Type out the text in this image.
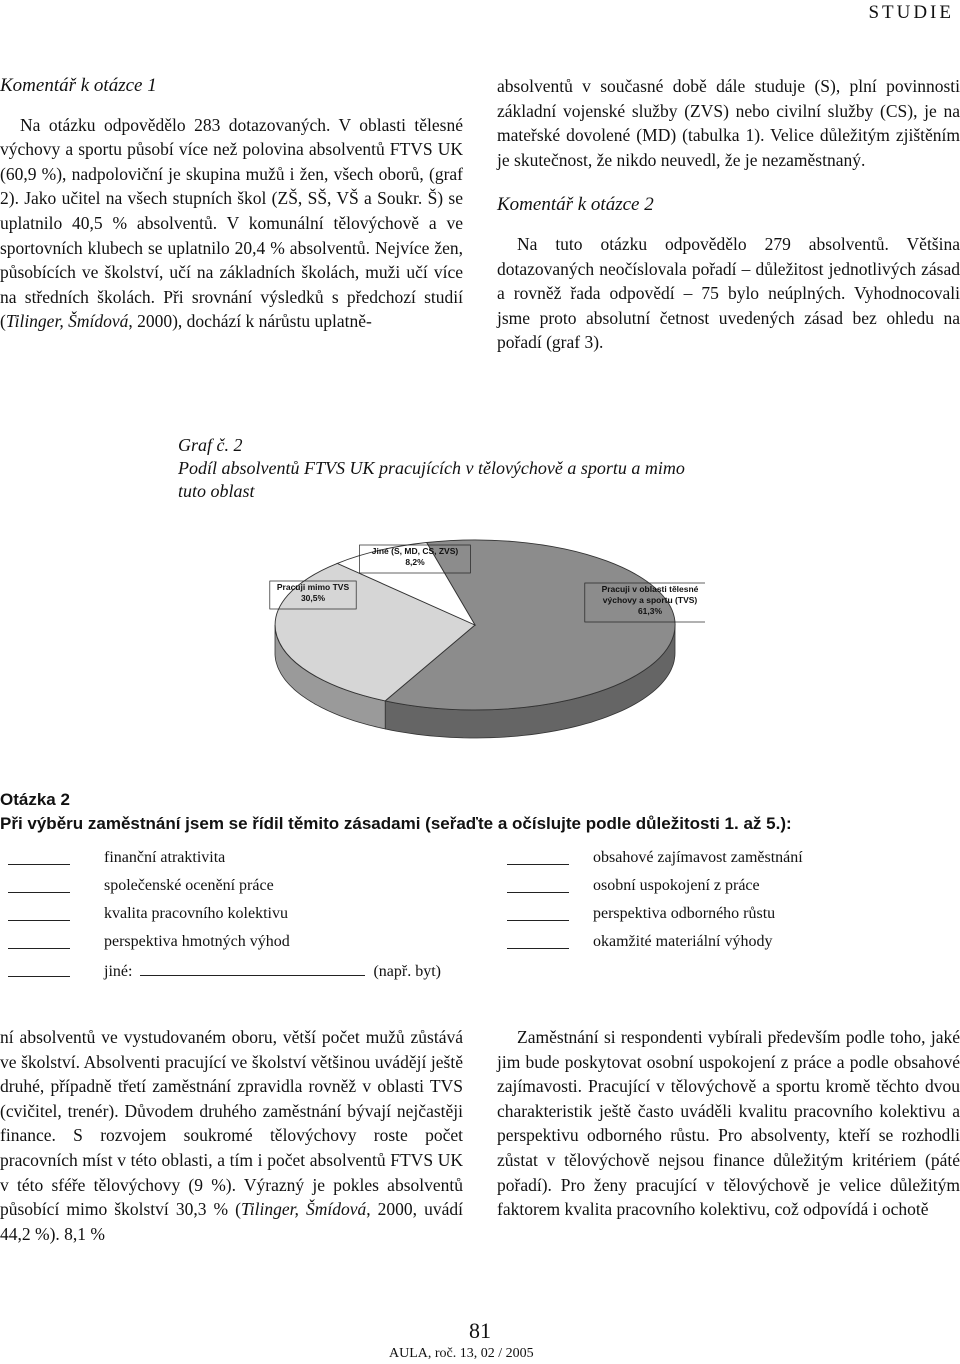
STUDIE
Komentář k otázce 1

Na otázku odpovědělo 283 dotazovaných. V oblasti tělesné výchovy a sportu působí více než polovina absolventů FTVS UK (60,9 %), nadpoloviční je skupina mužů i žen, všech oborů, (graf 2). Jako učitel na všech stupních škol (ZŠ, SŠ, VŠ a Soukr. Š) se uplatnilo 40,5 % absolventů. V komunální tělovýchově a ve sportovních klubech se uplatnilo 20,4 % absolventů. Nejvíce žen, působících ve školství, učí na základních školách, muži učí více na středních školách. Při srovnání výsledků s předchozí studií (Tilinger, Šmídová, 2000), dochází k nárůstu uplatně-

absolventů v současné době dále studuje (S), plní povinnosti základní vojenské služby (ZVS) nebo civilní služby (CS), je na mateřské dovolené (MD) (tabulka 1). Velice důležitým zjištěním je skutečnost, že nikdo neuvedl, že je nezaměstnaný.

Komentář k otázce 2

Na tuto otázku odpovědělo 279 absolventů. Většina dotazovaných neočíslovala pořadí – důležitost jednotlivých zásad a rovněž řada odpovědí – 75 bylo neúplných. Vyhodnocovali jsme proto absolutní četnost uvedených zásad bez ohledu na pořadí (graf 3).

Graf č. 2
Podíl absolventů FTVS UK pracujících v tělovýchově a sportu a mimo
tuto oblast
Pracuji v oblasti tělesné
výchovy a sportu (TVS)
61,3%
Pracuji mimo TVS
30,5%
Jiné (S, MD, CS, ZVS)
8,2%

Otázka 2

Při výběru zaměstnání jsem se řídil těmito zásadami (seřaďte a očíslujte podle důležitosti 1. až 5.):

finanční atraktivita
společenské ocenění práce
kvalita pracovního kolektivu
perspektiva hmotných výhod
jiné:	(např. byt)
obsahové zajímavost zaměstnání
osobní uspokojení z práce
perspektiva odborného růstu
okamžité materiální výhody

ní absolventů ve vystudovaném oboru, větší počet mužů zůstává ve školství. Absolventi pracující ve školství většinou uvádějí ještě druhé, případně třetí zaměstnání zpravidla rovněž v oblasti TVS (cvičitel, trenér). Důvodem druhého zaměstnání bývají nejčastěji finance. S rozvojem soukromé tělovýchovy roste počet pracovních míst v této oblasti, a tím i počet absolventů FTVS UK v této sféře tělovýchovy (9 %). Výrazný je pokles absolventů působící mimo školství 30,3 % (Tilinger, Šmídová, 2000, uvádí 44,2 %). 8,1 %

Zaměstnání si respondenti vybírali především podle toho, jaké jim bude poskytovat osobní uspokojení z práce a podle obsahové zajímavosti. Pracující v tělovýchově a sportu kromě těchto dvou charakteristik ještě často uváděli kvalitu pracovního kolektivu a perspektivu odborného růstu. Pro absolventy, kteří se rozhodli zůstat v tělovýchově nejsou finance důležitým kritériem (páté pořadí). Pro ženy pracující v tělovýchově je velice důležitým faktorem kvalita pracovního kolektivu, což odpovídá i ochotě

81
AULA, roč. 13, 02 / 2005
